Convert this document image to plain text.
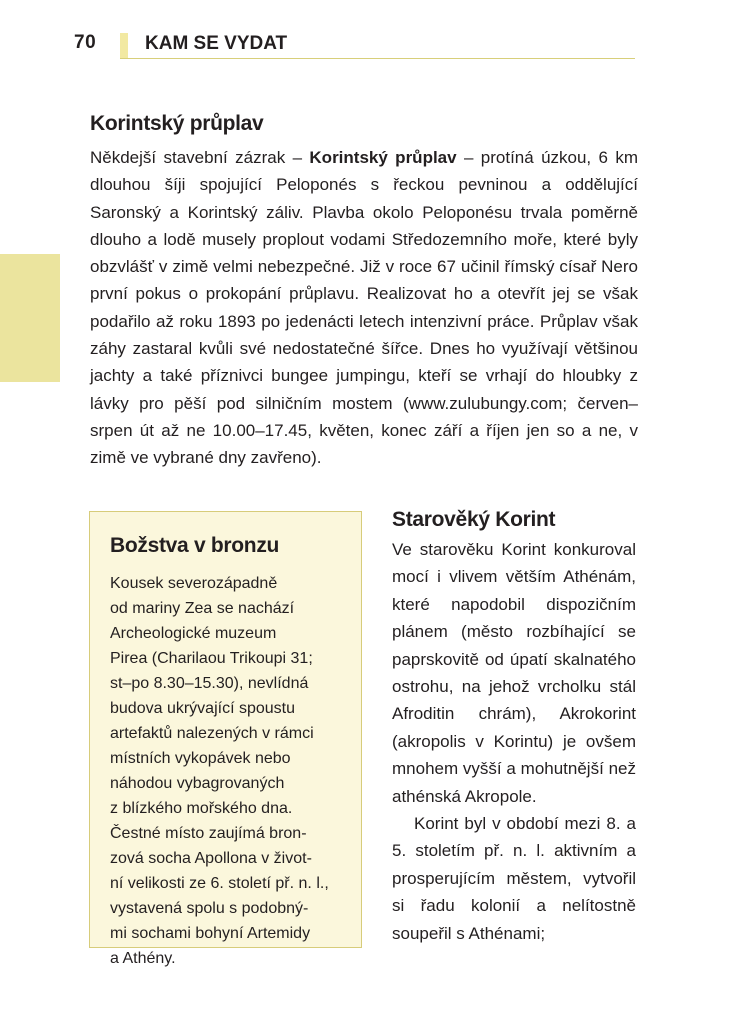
70	KAM SE VYDAT
Korintský průplav
Někdejší stavební zázrak – Korintský průplav – protíná úzkou, 6 km dlouhou šíji spojující Peloponés s řeckou pevninou a oddělující Saronský a Korintský záliv. Plavba okolo Peloponésu trvala poměrně dlouho a lodě musely proplout vodami Středozemního moře, které byly obzvlášť v zimě velmi nebezpečné. Již v roce 67 učinil římský císař Nero první pokus o prokopání průplavu. Realizovat ho a otevřít jej se však podařilo až roku 1893 po jedenácti letech intenzivní práce. Průplav však záhy zastaral kvůli své nedostatečné šířce. Dnes ho využívají většinou jachty a také příznivci bungee jumpingu, kteří se vrhají do hloubky z lávky pro pěší pod silničním mostem (www.zulubungy.com; červen–srpen út až ne 10.00–17.45, květen, konec září a říjen jen so a ne, v zimě ve vybrané dny zavřeno).
Božstva v bronzu
Kousek severozápadně
od mariny Zea se nachází
Archeologické muzeum
Pirea (Charilaou Trikoupi 31;
st–po 8.30–15.30), nevlídná
budova ukrývající spoustu
artefaktů nalezených v rámci
místních vykopávek nebo
náhodou vybagrovaných
z blízkého mořského dna.
Čestné místo zaujímá bron-
zová socha Apollona v život-
ní velikosti ze 6. století př. n. l.,
vystavená spolu s podobný-
mi sochami bohyní Artemidy
a Athény.
Starověký Korint

Ve starověku Korint konkuroval mocí i vlivem větším Athénám, které napodobil dispozičním plánem (město rozbíhající se paprskovitě od úpatí skalnatého ostrohu, na jehož vrcholku stál Afroditin chrám), Akrokorint (akropolis v Korintu) je ovšem mnohem vyšší a mohutnější než athénská Akropole.

Korint byl v období mezi 8. a 5. stoletím př. n. l. aktivním a prosperujícím městem, vytvořil si řadu kolonií a nelítostně soupeřil s Athénami;
